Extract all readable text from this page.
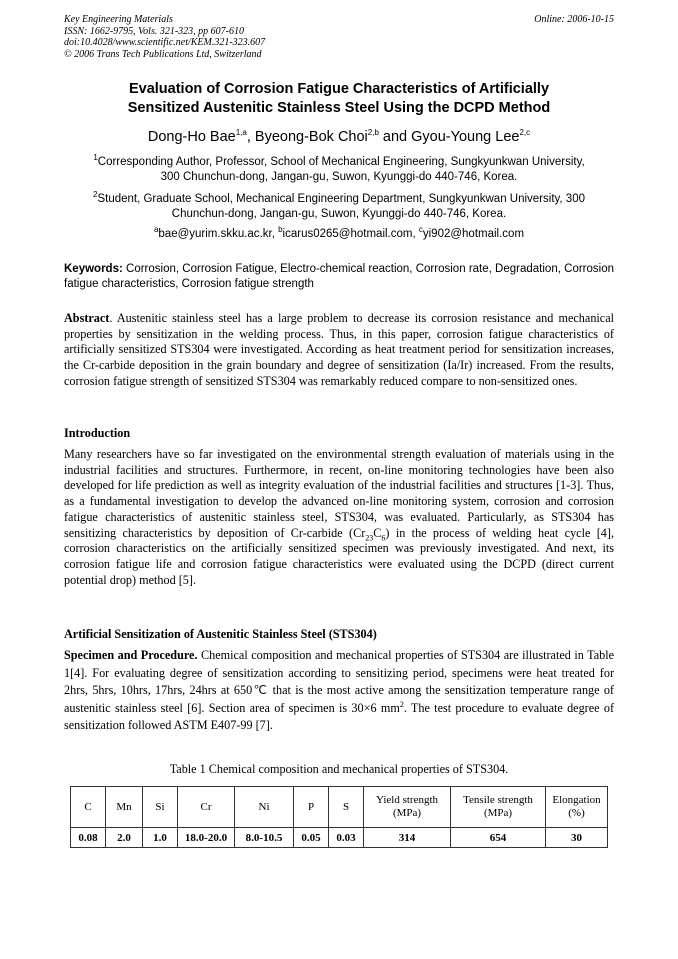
Key Engineering Materials
ISSN: 1662-9795, Vols. 321-323, pp 607-610
doi:10.4028/www.scientific.net/KEM.321-323.607
© 2006 Trans Tech Publications Ltd, Switzerland
Online: 2006-10-15
Evaluation of Corrosion Fatigue Characteristics of Artificially
Sensitized Austenitic Stainless Steel Using the DCPD Method
Dong-Ho Bae$^{1,a}$, Byeong-Bok Choi$^{2,b}$ and Gyou-Young Lee$^{2,c}$
$^1$Corresponding Author, Professor, School of Mechanical Engineering, Sungkyunkwan University,
300 Chunchun-dong, Jangan-gu, Suwon, Kyunggi-do 440-746, Korea.
$^2$Student, Graduate School, Mechanical Engineering Department, Sungkyunkwan University, 300
Chunchun-dong, Jangan-gu, Suwon, Kyunggi-do 440-746, Korea.
$^a$bae@yurim.skku.ac.kr, $^b$icarus0265@hotmail.com, $^c$yi902@hotmail.com
Keywords: Corrosion, Corrosion Fatigue, Electro-chemical reaction, Corrosion rate, Degradation, Corrosion fatigue characteristics, Corrosion fatigue strength
Abstract. Austenitic stainless steel has a large problem to decrease its corrosion resistance and mechanical properties by sensitization in the welding process. Thus, in this paper, corrosion fatigue characteristics of artificially sensitized STS304 were investigated. According as heat treatment period for sensitization increases, the Cr-carbide deposition in the grain boundary and degree of sensitization (Ia/Ir) increased. From the results, corrosion fatigue strength of sensitized STS304 was remarkably reduced compare to non-sensitized ones.
Introduction
Many researchers have so far investigated on the environmental strength evaluation of materials using in the industrial facilities and structures. Furthermore, in recent, on-line monitoring technologies have been also developed for life prediction as well as integrity evaluation of the industrial facilities and structures [1-3]. Thus, as a fundamental investigation to develop the advanced on-line monitoring system, corrosion and corrosion fatigue characteristics of austenitic stainless steel, STS304, was evaluated. Particularly, as STS304 has sensitizing characteristics by deposition of Cr-carbide $(Cr_{23}C_6)$ in the process of welding heat cycle [4], corrosion characteristics on the artificially sensitized specimen was previously investigated. And next, its corrosion fatigue life and corrosion fatigue characteristics were evaluated using the DCPD (direct current potential drop) method [5].
Artificial Sensitization of Austenitic Stainless Steel (STS304)
Specimen and Procedure. Chemical composition and mechanical properties of STS304 are illustrated in Table 1[4]. For evaluating degree of sensitization according to sensitizing period, specimens were heat treated for 2hrs, 5hrs, 10hrs, 17hrs, 24hrs at 650℃ that is the most active among the sensitization temperature range of austenitic stainless steel [6]. Section area of specimen is 30×6 $mm^2$. The test procedure to evaluate degree of sensitization followed ASTM E407-99 [7].
Table 1 Chemical composition and mechanical properties of STS304.
C	Mn	Si	Cr	Ni	P	S	Yield strength (MPa)	Tensile strength (MPa)	Elongation (%)
0.08	2.0	1.0	18.0-20.0	8.0-10.5	0.05	0.03	314	654	30
